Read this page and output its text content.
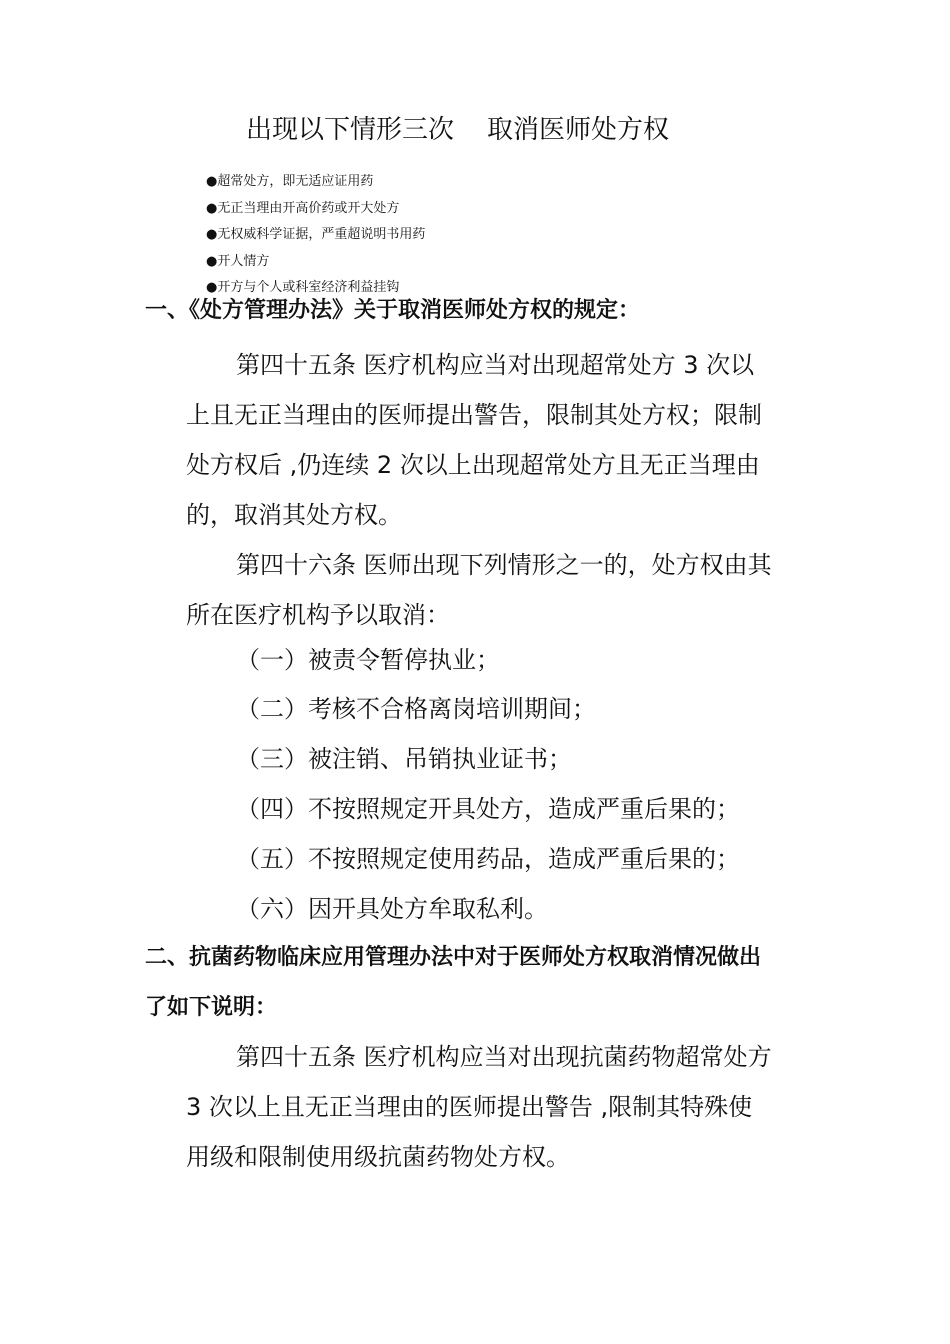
出现以下情形三次    取消医师处方权
●超常处方，即无适应证用药
●无正当理由开高价药或开大处方
●无权威科学证据，严重超说明书用药
●开人情方
●开方与个人或科室经济利益挂钩
一、《处方管理办法》关于取消医师处方权的规定：
第四十五条 医疗机构应当对出现超常处方 3 次以上且无正当理由的医师提出警告，限制其处方权；限制处方权后 ,仍连续 2 次以上出现超常处方且无正当理由的，取消其处方权。
第四十六条 医师出现下列情形之一的，处方权由其所在医疗机构予以取消：
（一）被责令暂停执业；
（二）考核不合格离岗培训期间；
（三）被注销、吊销执业证书；
（四）不按照规定开具处方，造成严重后果的；
（五）不按照规定使用药品，造成严重后果的；
（六）因开具处方牟取私利。
二、抗菌药物临床应用管理办法中对于医师处方权取消情况做出了如下说明：
第四十五条 医疗机构应当对出现抗菌药物超常处方 3 次以上且无正当理由的医师提出警告 ,限制其特殊使用级和限制使用级抗菌药物处方权。
